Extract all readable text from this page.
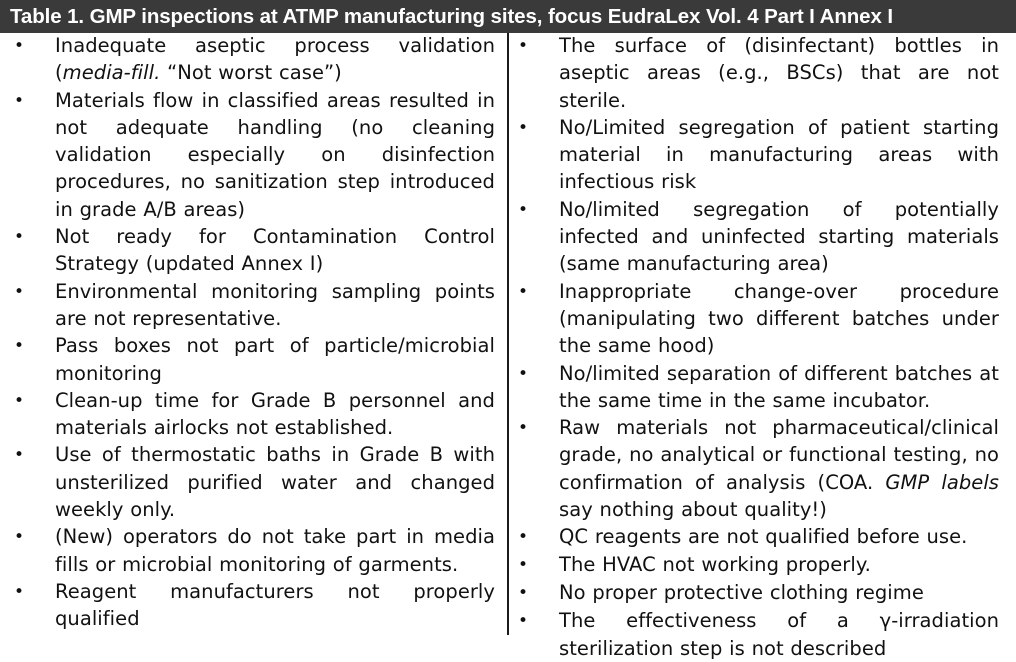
Table 1. GMP inspections at ATMP manufacturing sites, focus EudraLex Vol. 4 Part I Annex I
•	Inadequate aseptic process validation (media-fill. “Not worst case”)
•	Materials flow in classified areas resulted in not adequate handling (no cleaning validation especially on disinfection procedures, no sanitization step introduced in grade A/B areas)
•	Not ready for Contamination Control Strategy (updated Annex I)
•	Environmental monitoring sampling points are not representative.
•	Pass boxes not part of particle/microbial monitoring
•	Clean-up time for Grade B personnel and materials airlocks not established.
•	Use of thermostatic baths in Grade B with unsterilized purified water and changed weekly only.
•	(New) operators do not take part in media fills or microbial monitoring of garments.
•	Reagent manufacturers not properly qualified
•	The surface of (disinfectant) bottles in aseptic areas (e.g., BSCs) that are not sterile.
•	No/Limited segregation of patient starting material in manufacturing areas with infectious risk
•	No/limited segregation of potentially infected and uninfected starting materials (same manufacturing area)
•	Inappropriate change-over procedure (manipulating two different batches under the same hood)
•	No/limited separation of different batches at the same time in the same incubator.
•	Raw materials not pharmaceutical/clinical grade, no analytical or functional testing, no confirmation of analysis (COA. GMP labels say nothing about quality!)
•	QC reagents are not qualified before use.
•	The HVAC not working properly.
•	No proper protective clothing regime
•	The effectiveness of a γ-irradiation sterilization step is not described
